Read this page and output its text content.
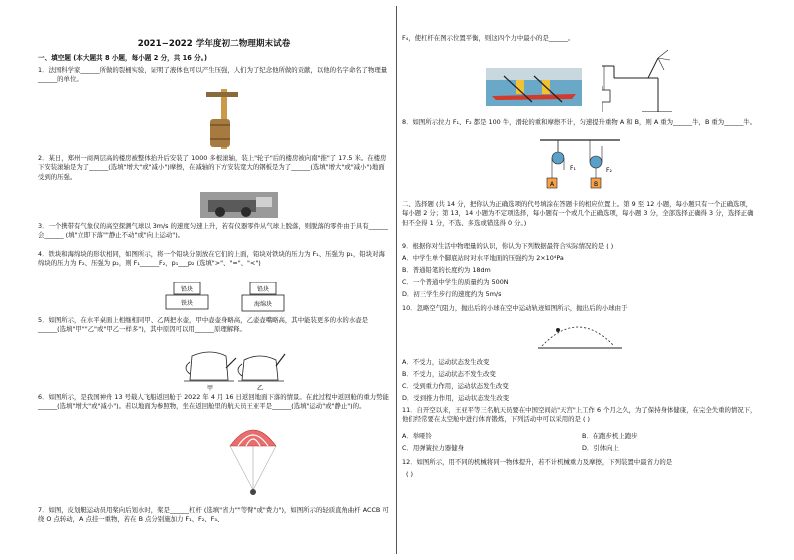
2021−2022 学年度初二物理期末试卷
一、填空题 (本大题共 8 小题，每小题 2 分，共 16 分。)

1．法国科学家______所做的裂桶实验，证明了液体也可以产生压强，人们为了纪念他所做的贡献，以他的名字命名了物理量______的单位。

2．某日，郑州一商两层高的楼房被整体抬升后安装了 1000 多根滚轴，装上"轮子"后的楼房被向南"推"了 17.5 米。在楼房下安装滚轴是为了______(选填"增大"或"减小")摩擦，在减轴的下方安装宽大的钢板是为了______(选填"增大"或"减小")地面受到的压强。

3．一个携带有气象仪的高空探测气球以 3m/s 的速度匀速上升，若有仪器零件从气球上脱落，则脱落的零件由于具有______会______ (填"立即下落""静止不动"或"向上运动")。

4．铁块和海绵块的形状相同，如图所示，将一个铅块分别放在它们的上面，铅块对铁块的压力为 F₁、压强为 p₁，铅块对海绵块的压力为 F₂、压强为 p₂，则 F₁______F₂，p₁___p₂ (选填">"、"="、"<")

铅块
铁块
铅块
海绵块

5．如图所示，在水平桌面上相继相同甲、乙两把水壶，甲中壶壶身略高，乙壶壶嘴略高，其中能装更多的水的水壶是______(选填"甲""乙"或"甲乙一样多")，其中原因可以用______原理解释。

甲	乙

6．如图所示，是我国神舟 13 号载人飞船返回舱于 2022 年 4 月 16 日返回地面下落的情景。在此过程中返回舱的重力势能______(选填"增大"或"减小")。若以地面为参照物，坐在返回舱里的航天员王亚平是______(选填"运动"或"静止")的。

7．如图，皮划艇运动员用桨向后划水时，桨是______杠杆 (选填"省力""等臂"或"费力")，如图所示的轻质直角曲杆 ACCB 可绕 O 点转动，A 点挂一重物，若在 B 点分别施加力 F₁、F₂、F₃、

F₄，使杠杆在图示位置平衡，则这四个力中最小的是______。

8．如图所示拉力 F₁、F₂ 都是 100 牛，滑轮的重和摩擦不计，匀速提升重物 A 和 B，则 A 重为______牛，B 重为______牛。

A
F₁
B
F₂
二、选择题 (共 14 分，把你认为正确选项的代号填涂在答题卡的相应位置上。第 9 至 12 小题，每小题只有一个正确选项，每小题 2 分；第 13，14 小题为不定项选择，每小题有一个或几个正确选项，每小题 3 分，全部选择正确得 3 分，选择正确但不全得 1 分，不选、多选或错选得 0 分。)

9．根据你对生活中物理量的认识，你认为下列数据最符合实际情况的是 ( )

A．中学生单个脚底站时对水平地面的压强约为 2×10⁴Pa
B．普通铅笔的长度约为 18dm
C．一个普通中学生的质量约为 500N
D．初三学生步行的速度约为 5m/s

10．忽略空气阻力，抛出后的小球在空中运动轨迹如图所示，抛出后的小球由于

A．不受力，运动状态发生改变
B．不受力，运动状态不发生改变
C．受到重力作用，运动状态发生改变
D．受到推力作用，运动状态发生改变

11．自开空以来，王亚平等三名航天员要在中国空间站"天宫"上工作 6 个月之久，为了保持身体健康，在完全失重的情况下，他们经常要在太空舱中进行体育锻炼，下列活动中可以采用的是 ( )

A．举哑铃	B．在跑步机上跑步
C．用弹簧拉力器健身	D．引体向上

12．如图所示，用不同的机械将同一物体提升，若不计机械重力及摩擦，下列装置中最省力的是

( )
